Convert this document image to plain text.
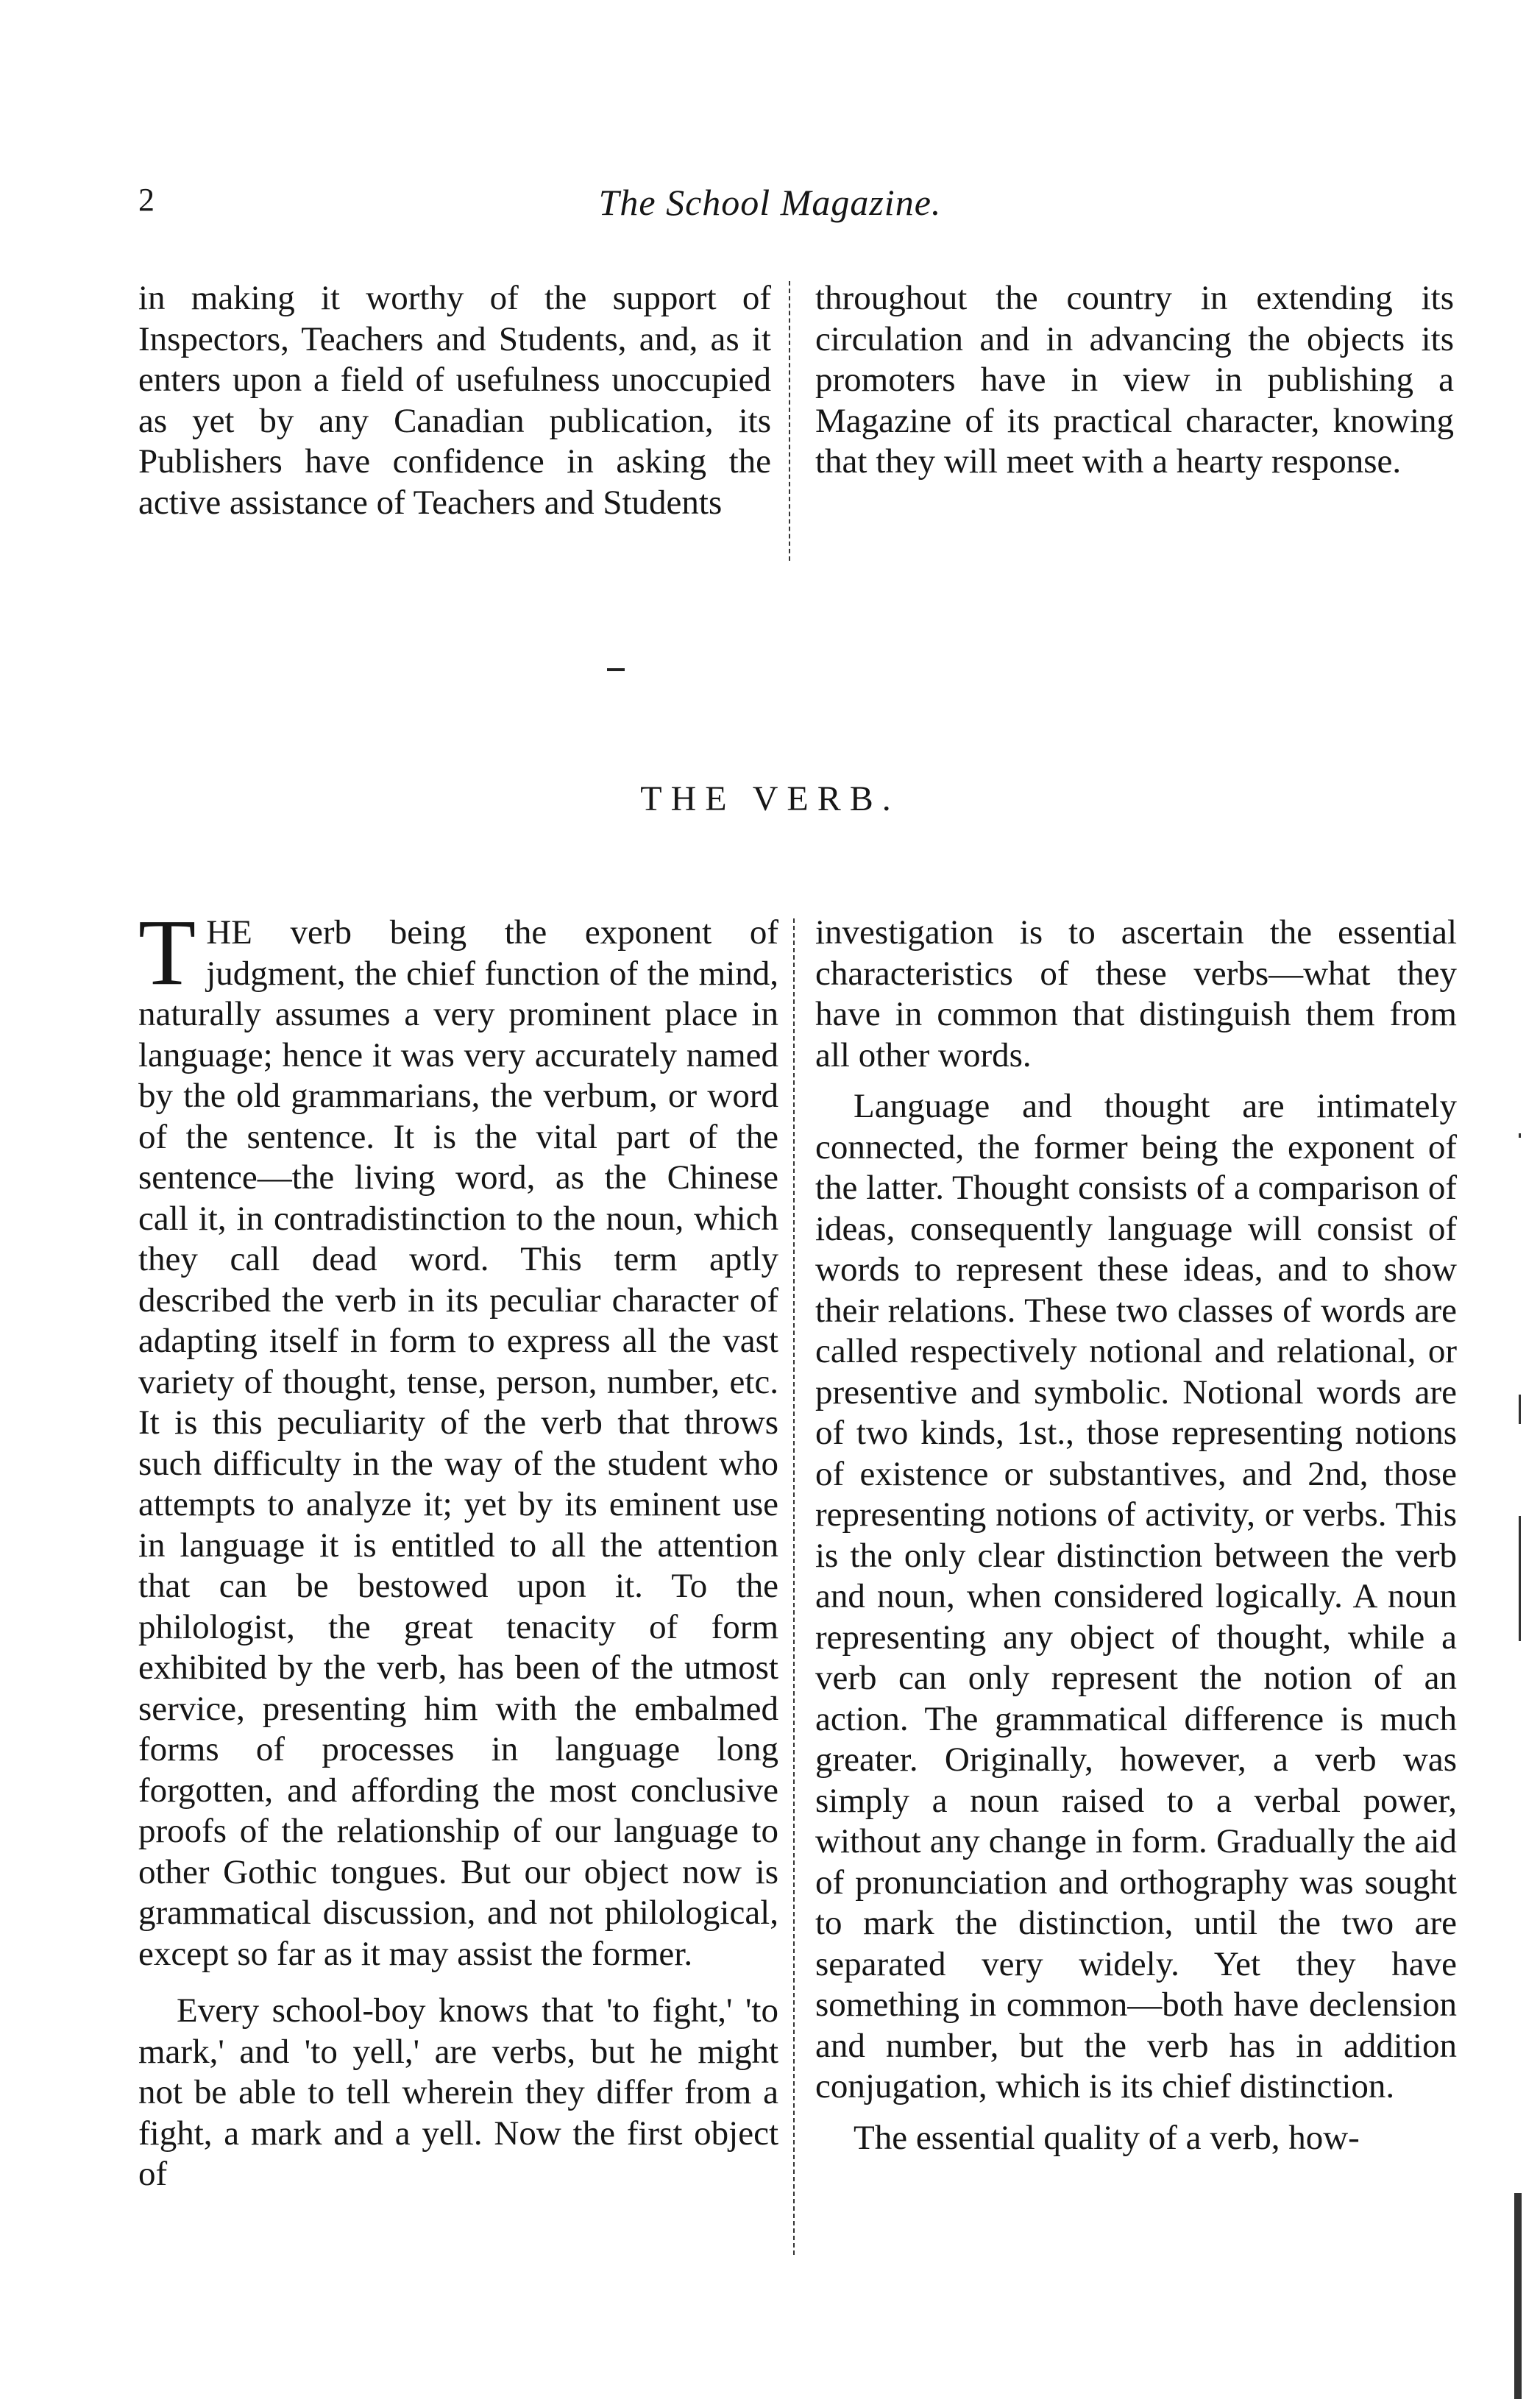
2	The School Magazine.

in making it worthy of the support of Inspectors, Teachers and Students, and, as it enters upon a field of usefulness unoccupied as yet by any Canadian publication, its Publishers have confidence in asking the active assistance of Teachers and Students

throughout the country in extending its circulation and in advancing the objects its promoters have in view in publishing a Magazine of its practical character, knowing that they will meet with a hearty response.

THE VERB.

THE verb being the exponent of judgment, the chief function of the mind, naturally assumes a very prominent place in language; hence it was very accurately named by the old grammarians, the verbum, or word of the sentence. It is the vital part of the sentence—the living word, as the Chinese call it, in contradistinction to the noun, which they call dead word. This term aptly described the verb in its peculiar character of adapting itself in form to express all the vast variety of thought, tense, person, number, etc. It is this peculiarity of the verb that throws such difficulty in the way of the student who attempts to analyze it; yet by its eminent use in language it is entitled to all the attention that can be bestowed upon it. To the philologist, the great tenacity of form exhibited by the verb, has been of the utmost service, presenting him with the embalmed forms of processes in language long forgotten, and affording the most conclusive proofs of the relationship of our language to other Gothic tongues. But our object now is grammatical discussion, and not philological, except so far as it may assist the former.

Every school-boy knows that 'to fight,' 'to mark,' and 'to yell,' are verbs, but he might not be able to tell wherein they differ from a fight, a mark and a yell. Now the first object of

investigation is to ascertain the essential characteristics of these verbs—what they have in common that distinguish them from all other words.

Language and thought are intimately connected, the former being the exponent of the latter. Thought consists of a comparison of ideas, consequently language will consist of words to represent these ideas, and to show their relations. These two classes of words are called respectively notional and relational, or presentive and symbolic. Notional words are of two kinds, 1st., those representing notions of existence or substantives, and 2nd, those representing notions of activity, or verbs. This is the only clear distinction between the verb and noun, when considered logically. A noun representing any object of thought, while a verb can only represent the notion of an action. The grammatical difference is much greater. Originally, however, a verb was simply a noun raised to a verbal power, without any change in form. Gradually the aid of pronunciation and orthography was sought to mark the distinction, until the two are separated very widely. Yet they have something in common—both have declension and number, but the verb has in addition conjugation, which is its chief distinction.

The essential quality of a verb, how-
